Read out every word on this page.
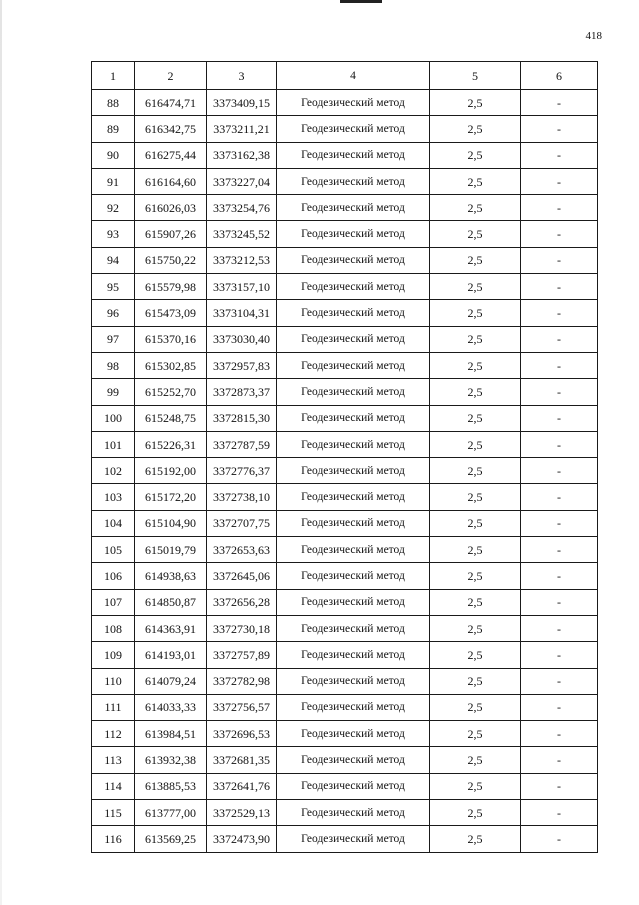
418
1	2	3	4	5	6
88	616474,71	3373409,15	Геодезический метод	2,5	-
89	616342,75	3373211,21	Геодезический метод	2,5	-
90	616275,44	3373162,38	Геодезический метод	2,5	-
91	616164,60	3373227,04	Геодезический метод	2,5	-
92	616026,03	3373254,76	Геодезический метод	2,5	-
93	615907,26	3373245,52	Геодезический метод	2,5	-
94	615750,22	3373212,53	Геодезический метод	2,5	-
95	615579,98	3373157,10	Геодезический метод	2,5	-
96	615473,09	3373104,31	Геодезический метод	2,5	-
97	615370,16	3373030,40	Геодезический метод	2,5	-
98	615302,85	3372957,83	Геодезический метод	2,5	-
99	615252,70	3372873,37	Геодезический метод	2,5	-
100	615248,75	3372815,30	Геодезический метод	2,5	-
101	615226,31	3372787,59	Геодезический метод	2,5	-
102	615192,00	3372776,37	Геодезический метод	2,5	-
103	615172,20	3372738,10	Геодезический метод	2,5	-
104	615104,90	3372707,75	Геодезический метод	2,5	-
105	615019,79	3372653,63	Геодезический метод	2,5	-
106	614938,63	3372645,06	Геодезический метод	2,5	-
107	614850,87	3372656,28	Геодезический метод	2,5	-
108	614363,91	3372730,18	Геодезический метод	2,5	-
109	614193,01	3372757,89	Геодезический метод	2,5	-
110	614079,24	3372782,98	Геодезический метод	2,5	-
111	614033,33	3372756,57	Геодезический метод	2,5	-
112	613984,51	3372696,53	Геодезический метод	2,5	-
113	613932,38	3372681,35	Геодезический метод	2,5	-
114	613885,53	3372641,76	Геодезический метод	2,5	-
115	613777,00	3372529,13	Геодезический метод	2,5	-
116	613569,25	3372473,90	Геодезический метод	2,5	-
